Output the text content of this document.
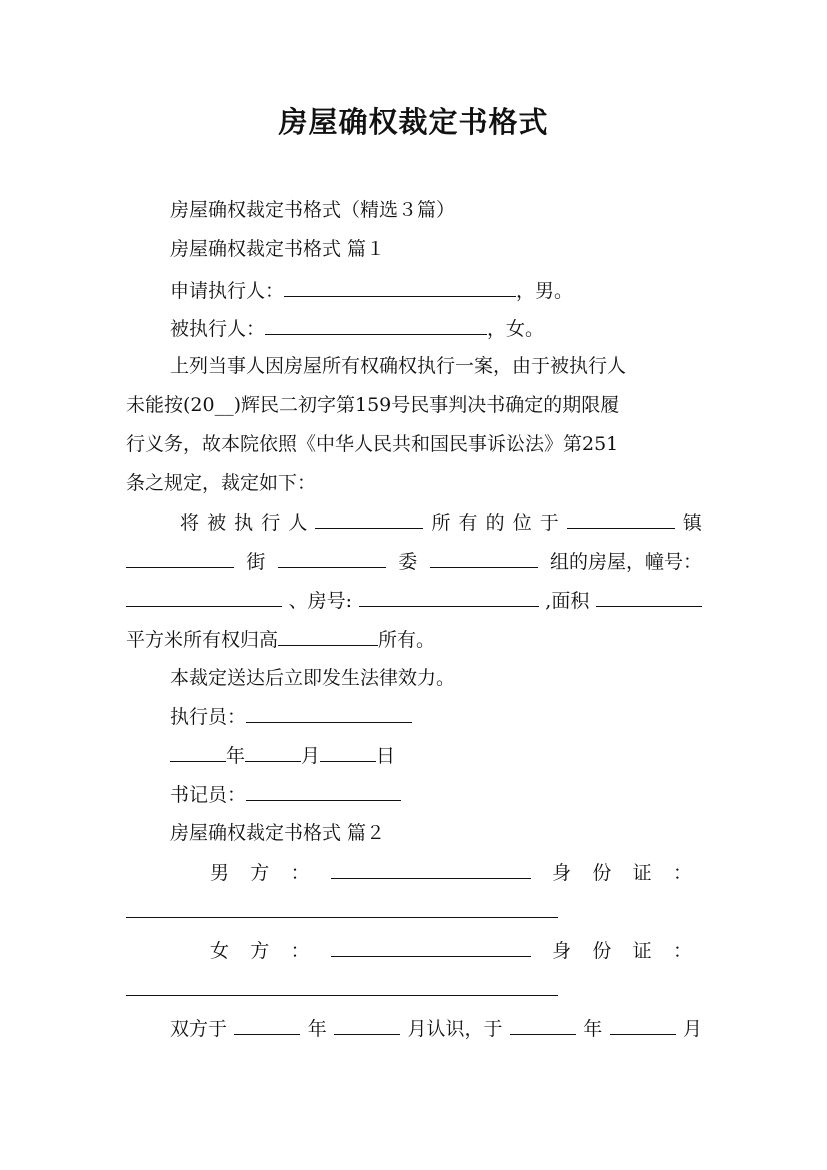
房屋确权裁定书格式
房屋确权裁定书格式（精选３篇）
房屋确权裁定书格式 篇１
申请执行人：	，男。
被执行人：	，女。
上列当事人因房屋所有权确权执行一案，由于被执行人
未能按(20__)辉民二初字第159号民事判决书确定的期限履
行义务，故本院依照《中华人民共和国民事诉讼法》第251
条之规定，裁定如下：
将 被 执 行 人	所 有 的 位 于	镇
街	委	组的房屋，幢号：
、房号:	,面积
平方米所有权归高	所有。
本裁定送达后立即发生法律效力。
执行员：
年	月	日
书记员：
房屋确权裁定书格式 篇２
男 方 ：	身 份 证 ：
女 方 ：	身 份 证 ：
双方于	年	月认识，于	年	月
